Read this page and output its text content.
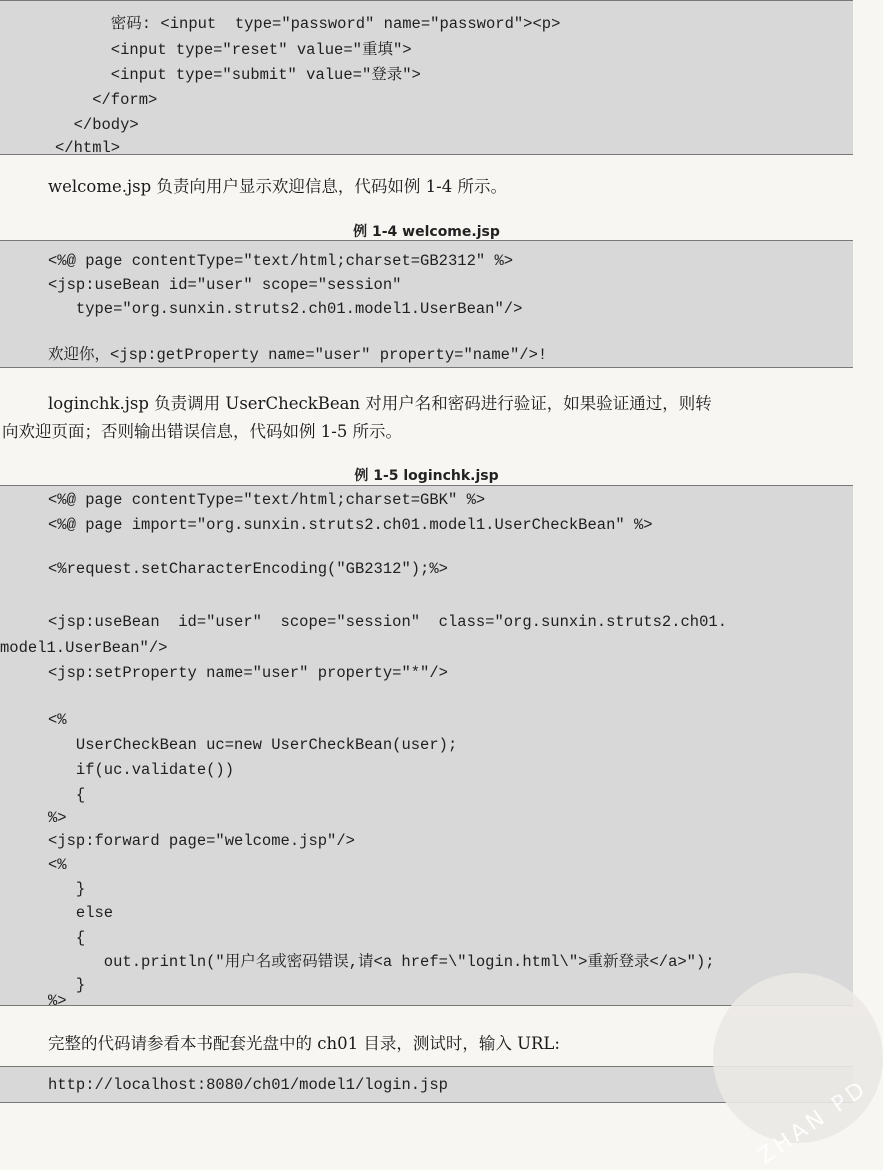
密码: <input  type="password" name="password"><p>
<input type="reset" value="重填">
<input type="submit" value="登录">
</form>
</body>
</html>

welcome.jsp 负责向用户显示欢迎信息，代码如例 1-4 所示。

例 1-4 welcome.jsp

<%@ page contentType="text/html;charset=GB2312" %>
<jsp:useBean id="user" scope="session"
type="org.sunxin.struts2.ch01.model1.UserBean"/>
欢迎你，<jsp:getProperty name="user" property="name"/>!

loginchk.jsp 负责调用 UserCheckBean 对用户名和密码进行验证，如果验证通过，则转

向欢迎页面；否则输出错误信息，代码如例 1-5 所示。

例 1-5 loginchk.jsp

<%@ page contentType="text/html;charset=GBK" %>
<%@ page import="org.sunxin.struts2.ch01.model1.UserCheckBean" %>
<%request.setCharacterEncoding("GB2312");%>
<jsp:useBean  id="user"  scope="session"  class="org.sunxin.struts2.ch01.
model1.UserBean"/>
<jsp:setProperty name="user" property="*"/>
<%
UserCheckBean uc=new UserCheckBean(user);
if(uc.validate())
{
%>
<jsp:forward page="welcome.jsp"/>
<%
}
else
{
out.println("用户名或密码错误,请<a href=\"login.html\">重新登录</a>");
}
%>

完整的代码请参看本书配套光盘中的 ch01 目录，测试时，输入 URL:

http://localhost:8080/ch01/model1/login.jsp	ZHAN PD
